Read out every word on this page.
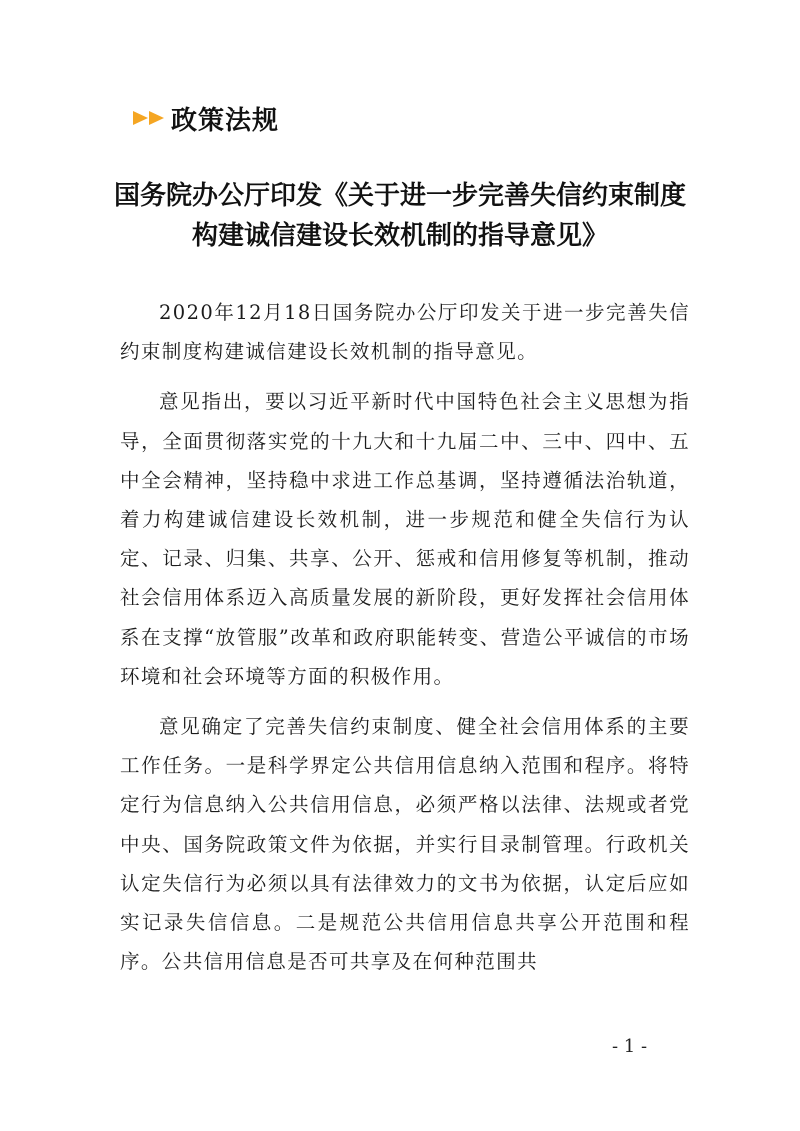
政策法规
国务院办公厅印发《关于进一步完善失信约束制度
构建诚信建设长效机制的指导意见》

2020年12月18日国务院办公厅印发关于进一步完善失信约束制度构建诚信建设长效机制的指导意见。

意见指出，要以习近平新时代中国特色社会主义思想为指导，全面贯彻落实党的十九大和十九届二中、三中、四中、五中全会精神，坚持稳中求进工作总基调，坚持遵循法治轨道，着力构建诚信建设长效机制，进一步规范和健全失信行为认定、记录、归集、共享、公开、惩戒和信用修复等机制，推动社会信用体系迈入高质量发展的新阶段，更好发挥社会信用体系在支撑“放管服”改革和政府职能转变、营造公平诚信的市场环境和社会环境等方面的积极作用。

意见确定了完善失信约束制度、健全社会信用体系的主要工作任务。一是科学界定公共信用信息纳入范围和程序。将特定行为信息纳入公共信用信息，必须严格以法律、法规或者党中央、国务院政策文件为依据，并实行目录制管理。行政机关认定失信行为必须以具有法律效力的文书为依据，认定后应如实记录失信信息。二是规范公共信用信息共享公开范围和程序。公共信用信息是否可共享及在何种范围共

- 1 -
